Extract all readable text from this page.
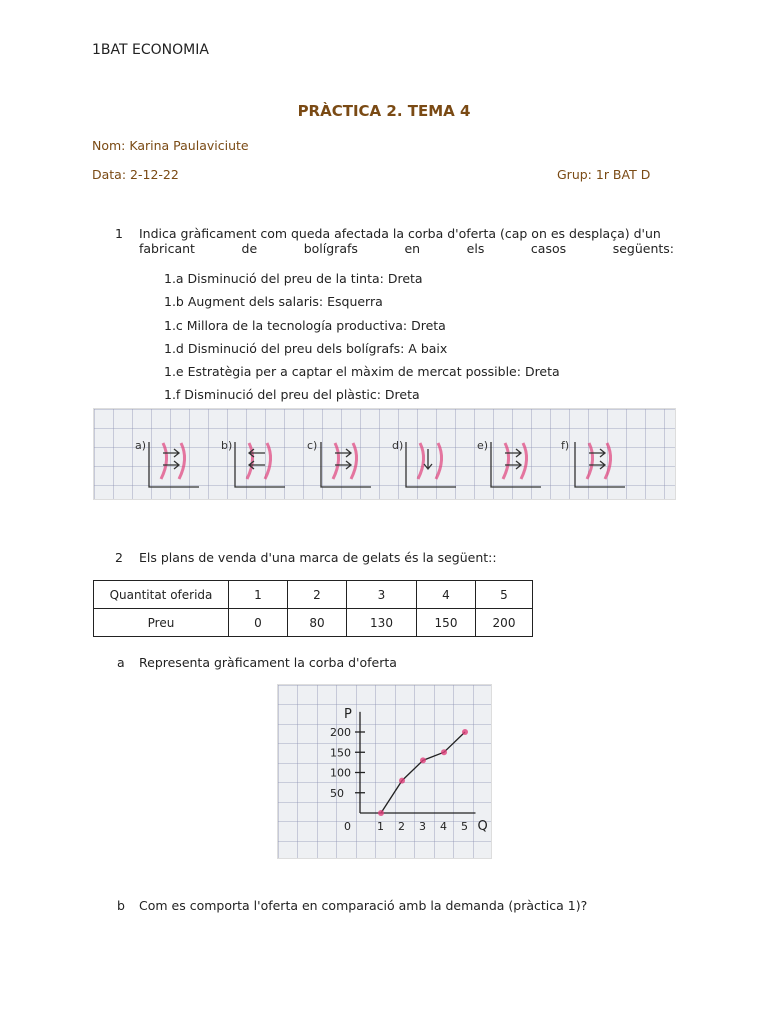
1BAT ECONOMIA
PRÀCTICA 2. TEMA 4
Nom: Karina Paulaviciute
Data: 2-12-22	Grup: 1r BAT D
1 Indica gràficament com queda afectada la corba d'oferta (cap on es desplaça) d'un
fabricant	de	bolígrafs	en	els	casos	següents:
1.a Disminució del preu de la tinta: Dreta
1.b Augment dels salaris: Esquerra
1.c Millora de la tecnología productiva: Dreta
1.d Disminució del preu dels bolígrafs: A baix
1.e Estratègia per a captar el màxim de mercat possible: Dreta
1.f Disminució del preu del plàstic: Dreta
a)	b)	c)	d)	e)	f)
2 Els plans de venda d'una marca de gelats és la següent::
Quantitat oferida	1	2	3	4	5
Preu	0	80	130	150	200
a Representa gràficament la corba d'oferta
P
Q
0 1 2 3 4 5
50
100
150
200
b Com es comporta l'oferta en comparació amb la demanda (pràctica 1)?
